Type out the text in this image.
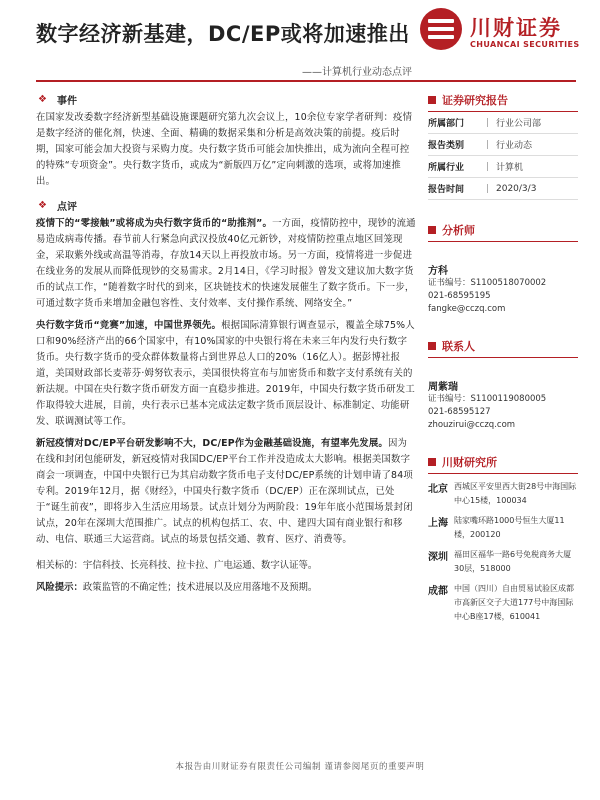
数字经济新基建，DC/EP或将加速推出	川财证券
CHUANCAI SECURITIES
——计算机行业动态点评
❖ 事件

在国家发改委数字经济新型基础设施课题研究第九次会议上，10余位专家学者研判：疫情是数字经济的催化剂，快速、全面、精确的数据采集和分析是高效决策的前提。疫后时期，国家可能会加大投资与采购力度。央行数字货币可能会加快推出，成为流向全程可控的特殊“专项资金”。央行数字货币，或成为“新版四万亿”定向刺激的选项，或将加速推出。

❖ 点评

疫情下的“零接触”或将成为央行数字货币的“助推剂”。一方面，疫情防控中，现钞的流通易造成病毒传播。春节前人行紧急向武汉投放40亿元新钞，对疫情防控重点地区回笼现金，采取紫外线或高温等消毒，存放14天以上再投放市场。另一方面，疫情将进一步促进在线业务的发展从而降低现钞的交易需求。2月14日，《学习时报》曾发文建议加大数字货币的试点工作，“随着数字时代的到来，区块链技术的快速发展催生了数字货币。下一步，可通过数字货币来增加金融包容性、支付效率、支付操作系统、网络安全。”

央行数字货币“竞赛”加速，中国世界领先。根据国际清算银行调查显示，覆盖全球75%人口和90%经济产出的66个国家中，有10%国家的中央银行将在未来三年内发行央行数字货币。央行数字货币的受众群体数量将占到世界总人口的20%（16亿人）。据彭博社报道，美国财政部长麦蒂芬·姆努钦表示，美国很快将宣布与加密货币和数字支付系统有关的新法规。中国在央行数字货币研发方面一直稳步推进。2019年，中国央行数字货币研发工作取得较大进展，目前，央行表示已基本完成法定数字货币顶层设计、标准制定、功能研发、联调测试等工作。

新冠疫情对DC/EP平台研发影响不大，DC/EP作为金融基础设施，有望率先发展。因为在线和封闭包能研发，新冠疫情对我国DC/EP平台工作并没造成太大影响。根据美国数字商会一项调查，中国中央银行已为其启动数字货币电子支付DC/EP系统的计划申请了84项专利。2019年12月，据《财经》，中国央行数字货币（DC/EP）正在深圳试点，已处于“诞生前夜”，即将步入生活应用场景。试点计划分为两阶段：19年年底小范围场景封闭试点，20年在深圳大范围推广。试点的机构包括工、农、中、建四大国有商业银行和移动、电信、联通三大运营商。试点的场景包括交通、教育、医疗、消费等。

相关标的：宇信科技、长亮科技、拉卡拉、广电运通、数字认证等。

风险提示：政策监管的不确定性；技术进展以及应用落地不及预期。

证券研究报告
所属部门	| 行业公司部
报告类别	| 行业动态
所属行业	| 计算机
报告时间	| 2020/3/3
分析师
方科
证书编号：S1100518070002
021-68595195
fangke@cczq.com
联系人
周紫瑞
证书编号：S1100119080005
021-68595127
zhouzirui@cczq.com
川财研究所
北京 西城区平安里西大街28号中海国际中心15楼，100034
上海 陆家嘴环路1000号恒生大厦11楼，200120
深圳 福田区福华一路6号免税商务大厦30层，518000
成都 中国（四川）自由贸易试验区成都市高新区交子大道177号中海国际中心B座17楼，610041
本报告由川财证券有限责任公司编制 谨请参阅尾页的重要声明
